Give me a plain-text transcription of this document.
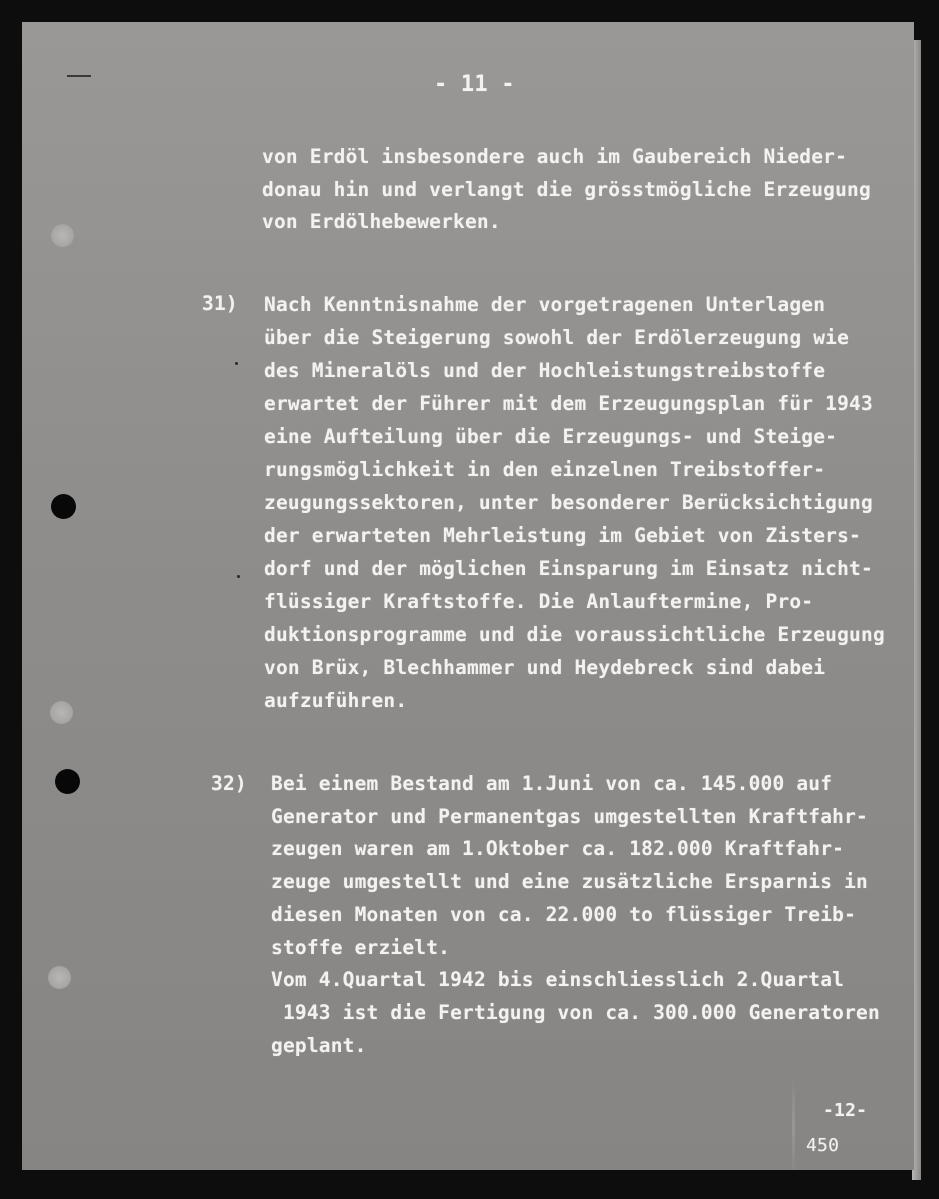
- 11 -
von Erdöl insbesondere auch im Gaubereich Nieder-
donau hin und verlangt die grösstmögliche Erzeugung
von Erdölhebewerken.
31) Nach Kenntnisnahme der vorgetragenen Unterlagen
über die Steigerung sowohl der Erdölerzeugung wie
des Mineralöls und der Hochleistungstreibstoffe
erwartet der Führer mit dem Erzeugungsplan für 1943
eine Aufteilung über die Erzeugungs- und Steige-
rungsmöglichkeit in den einzelnen Treibstoffer-
zeugungssektoren, unter besonderer Berücksichtigung
der erwarteten Mehrleistung im Gebiet von Zisters-
dorf und der möglichen Einsparung im Einsatz nicht-
flüssiger Kraftstoffe. Die Anlauftermine, Pro-
duktionsprogramme und die voraussichtliche Erzeugung
von Brüx, Blechhammer und Heydebreck sind dabei
aufzuführen.
32) Bei einem Bestand am 1.Juni von ca. 145.000 auf
Generator und Permanentgas umgestellten Kraftfahr-
zeugen waren am 1.Oktober ca. 182.000 Kraftfahr-
zeuge umgestellt und eine zusätzliche Ersparnis in
diesen Monaten von ca. 22.000 to flüssiger Treib-
stoffe erzielt.
Vom 4.Quartal 1942 bis einschliesslich 2.Quartal
1943 ist die Fertigung von ca. 300.000 Generatoren
geplant.
-12-
450
